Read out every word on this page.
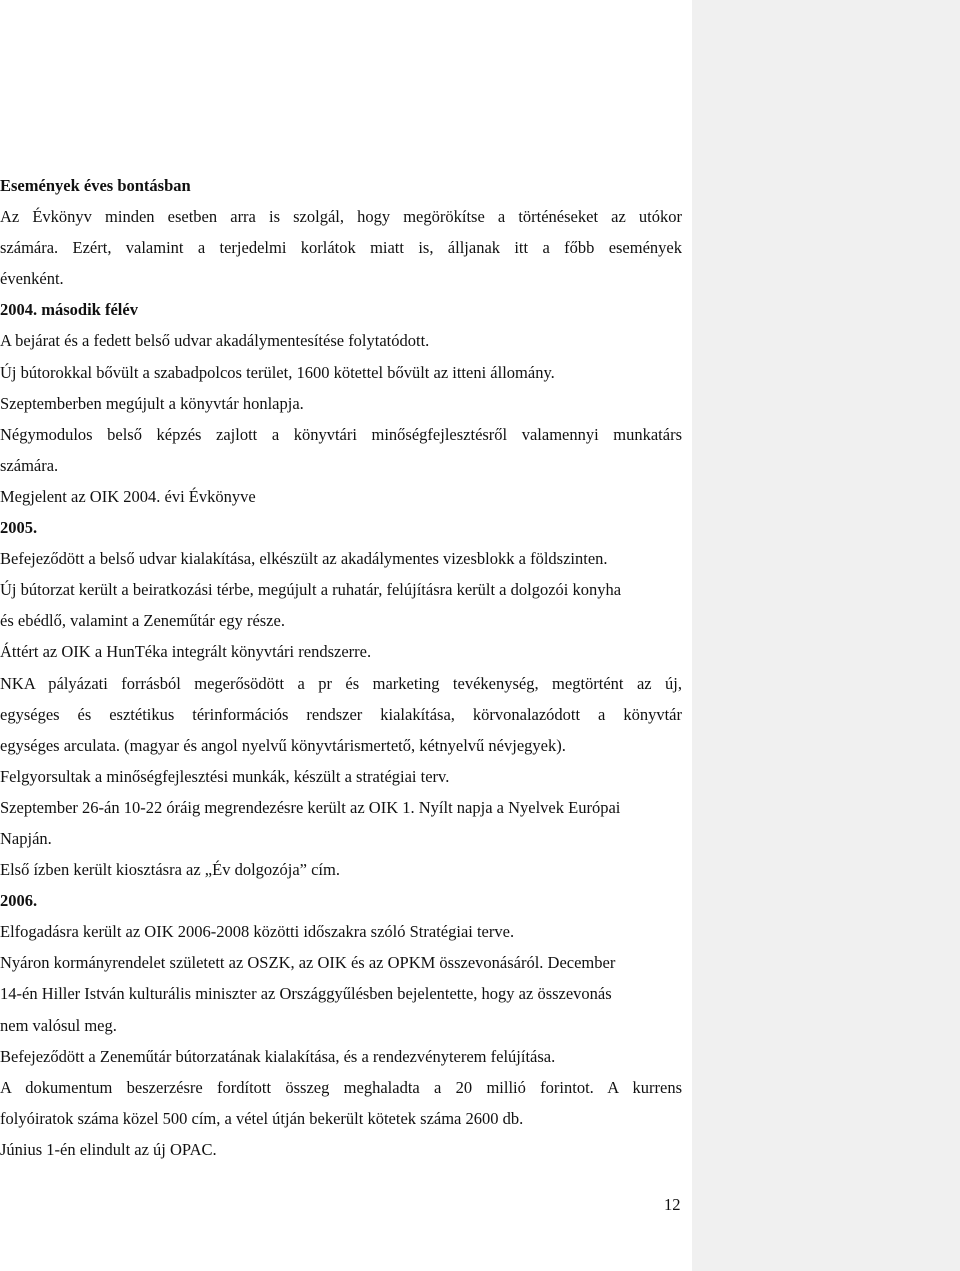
Események éves bontásban

Az Évkönyv minden esetben arra is szolgál, hogy megörökítse a történéseket az utókor

számára. Ezért, valamint a terjedelmi korlátok miatt is, álljanak itt a főbb események

évenként.

2004. második félév

A bejárat és a fedett belső udvar akadálymentesítése folytatódott.

Új bútorokkal bővült a szabadpolcos terület, 1600 kötettel bővült az itteni állomány.

Szeptemberben megújult a könyvtár honlapja.

Négymodulos belső képzés zajlott a könyvtári minőségfejlesztésről valamennyi munkatárs

számára.

Megjelent az OIK 2004. évi Évkönyve

2005.

Befejeződött a belső udvar kialakítása, elkészült az akadálymentes vizesblokk a földszinten.

Új bútorzat került a beiratkozási térbe, megújult a ruhatár, felújításra került a dolgozói konyha

és ebédlő, valamint a Zeneműtár egy része.

Áttért az OIK a HunTéka integrált könyvtári rendszerre.

NKA pályázati forrásból megerősödött a pr és marketing tevékenység, megtörtént az új,

egységes és esztétikus térinformációs rendszer kialakítása, körvonalazódott a könyvtár

egységes arculata. (magyar és angol nyelvű könyvtárismertető, kétnyelvű névjegyek).

Felgyorsultak a minőségfejlesztési munkák, készült a stratégiai terv.

Szeptember 26-án 10-22 óráig megrendezésre került az OIK 1. Nyílt napja a Nyelvek Európai

Napján.

Első ízben került kiosztásra az „Év dolgozója” cím.

2006.

Elfogadásra került az OIK 2006-2008 közötti időszakra szóló Stratégiai terve.

Nyáron kormányrendelet született az OSZK, az OIK és az OPKM összevonásáról. December

14-én Hiller István kulturális miniszter az Országgyűlésben bejelentette, hogy az összevonás

nem valósul meg.

Befejeződött a Zeneműtár bútorzatának kialakítása, és a rendezvényterem felújítása.

A dokumentum beszerzésre fordított összeg meghaladta a 20 millió forintot. A kurrens

folyóiratok száma közel 500 cím, a vétel útján bekerült kötetek száma 2600 db.

Június 1-én elindult az új OPAC.

12
